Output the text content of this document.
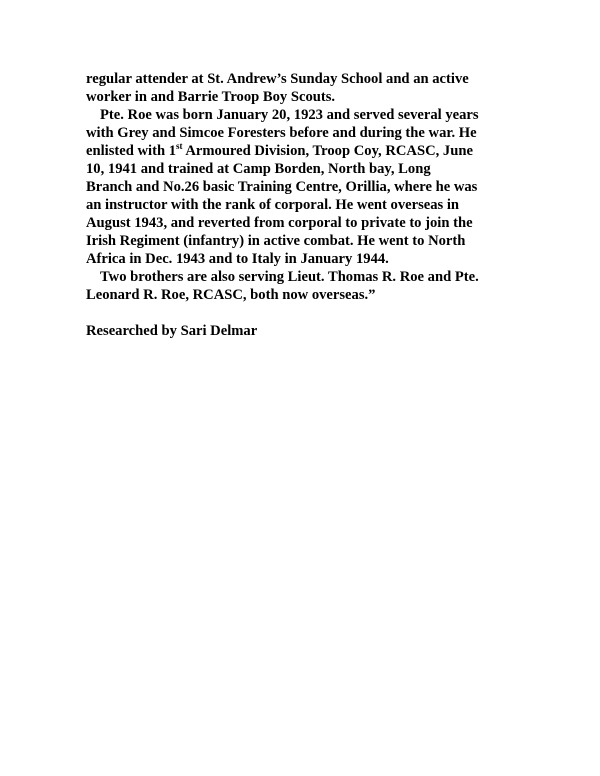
regular attender at St. Andrew’s Sunday School and an active
worker in and Barrie Troop Boy Scouts.
Pte. Roe was born January 20, 1923 and served several years
with Grey and Simcoe Foresters before and during the war. He
enlisted with 1st Armoured Division, Troop Coy, RCASC, June
10, 1941 and trained at Camp Borden, North bay, Long
Branch and No.26 basic Training Centre, Orillia, where he was
an instructor with the rank of corporal. He went overseas in
August 1943, and reverted from corporal to private to join the
Irish Regiment (infantry) in active combat. He went to North
Africa in Dec. 1943 and to Italy in January 1944.
Two brothers are also serving Lieut. Thomas R. Roe and Pte.
Leonard R. Roe, RCASC, both now overseas.”
Researched by Sari Delmar
